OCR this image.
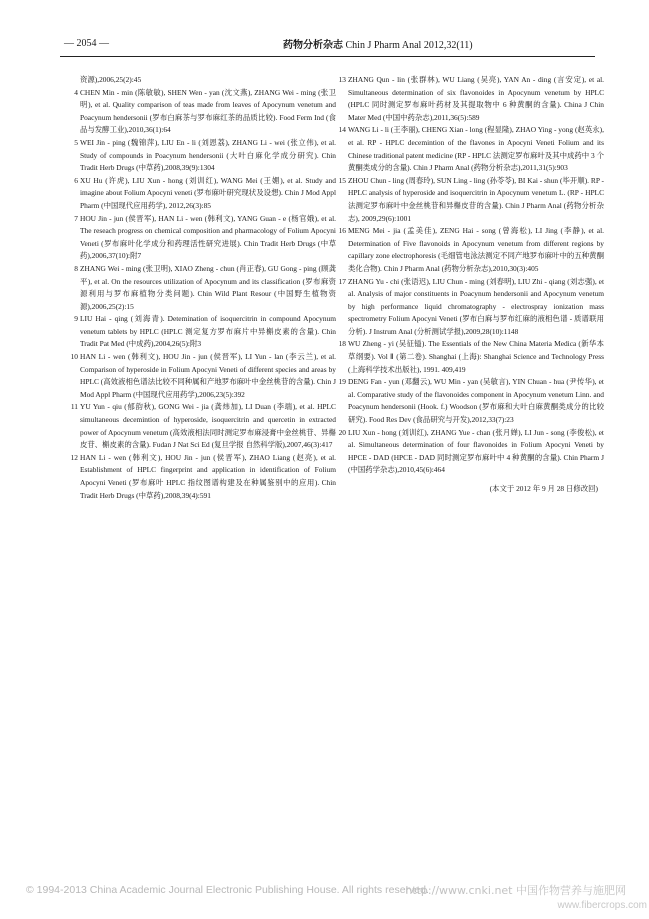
— 2054 —	药物分析杂志 Chin J Pharm Anal 2012,32(11)
资源),2006,25(2):45
4 CHEN Min - min (陈敏敏), SHEN Wen - yan (沈文燕), ZHANG Wei - ming (张卫明), et al. Quality comparison of teas made from leaves of Apocynum venetum and Poacynum hendersonii (罗布白麻茶与罗布麻红茶的品质比较). Food Ferm Ind (食品与发酵工业),2010,36(1):64
5 WEI Jin - ping (魏锦萍), LIU En - li (刘恩荔), ZHANG Li - wei (张立伟), et al. Study of compounds in Poacynum hendersonii (大叶白麻化学成分研究). Chin Tradit Herb Drugs (中草药),2008,39(9):1304
6 XU Hu (许虎), LIU Xun - hong (刘训红), WANG Mei (王媚), et al. Study and imagine about Folium Apocyni veneti (罗布麻叶研究现状及设想). Chin J Mod Appl Pharm (中国现代应用药学), 2012,26(3):85
7 HOU Jin - jun (侯晋军), HAN Li - wen (韩利文), YANG Guan - e (杨官娥), et al. The reseach progress on chemical composition and pharmacology of Folium Apocyni Veneti (罗布麻叶化学成分和药理活性研究进展). Chin Tradit Herb Drugs (中草药),2006,37(10):附7
8 ZHANG Wei - ming (张卫明), XIAO Zheng - chun (肖正春), GU Gong - ping (顾龚平), et al. On the resources utilization of Apocynum and its classification (罗布麻资源利用与罗布麻植物分类问题). Chin Wild Plant Resour (中国野生植物资源),2006,25(2):15
9 LIU Hai - qing (刘海青). Detemination of isoquercitrin in compound Apocynum venetum tablets by HPLC (HPLC 测定复方罗布麻片中异槲皮素的含量). Chin Tradit Pat Med (中成药),2004,26(5):附3
10 HAN Li - wen (韩利文), HOU Jin - jun (侯晋军), LI Yun - lan (李云兰), et al. Comparison of hyperoside in Folium Apocyni Veneti of different species and areas by HPLC (高效液相色谱法比较不同种属和产地罗布麻叶中金丝桃苷的含量). Chin J Mod Appl Pharm (中国现代应用药学),2006,23(5):392
11 YU Yun - qiu (郁韵秋), GONG Wei - jia (龚炜加), LI Duan (李端), et al. HPLC simultaneous decemintion of hyperoside, isoquercitrin and quercetin in extracted power of Apocynum venetum (高效液相法同时测定罗布麻浸膏中金丝桃苷、异槲皮苷、槲皮素的含量). Fudan J Nat Sci Ed (复旦学报 自然科学版),2007,46(3):417
12 HAN Li - wen (韩利文), HOU Jin - jun (侯晋军), ZHAO Liang (赵亮), et al. Establishment of HPLC fingerprint and application in identification of Folium Apocyni Veneti (罗布麻叶 HPLC 指纹图谱构建及在种属鉴别中的应用). Chin Tradit Herb Drugs (中草药),2008,39(4):591
13 ZHANG Qun - lin (张群林), WU Liang (吴亮), YAN An - ding (言安定), et al. Simultaneous determination of six flavonoides in Apocynum venetum by HPLC (HPLC 同时测定罗布麻叶药材及其提取物中 6 种黄酮的含量). China J Chin Mater Med (中国中药杂志),2011,36(5):589
14 WANG Li - li (王李丽), CHENG Xian - long (程显隆), ZHAO Ying - yong (赵英永), et al. RP - HPLC decemintion of the flavones in Apocyni Veneti Folium and its Chinese traditional patent medicine (RP - HPLC 法测定罗布麻叶及其中成药中 3 个黄酮类成分的含量). Chin J Pharm Anal (药物分析杂志),2011,31(5):903
15 ZHOU Chun - ling (周春玲), SUN Ling - ling (孙苓苓), BI Kai - shun (毕开顺). RP - HPLC analysis of hyperoside and isoquercitrin in Apocynum venetum L. (RP - HPLC 法测定罗布麻叶中金丝桃苷和异槲皮苷的含量). Chin J Pharm Anal (药物分析杂志), 2009,29(6):1001
16 MENG Mei - jia (孟美佳), ZENG Hai - song (曾海松), LI Jing (李静), et al. Determination of Five flavonoids in Apocynum venetum from different regions by capillary zone electrophoresis (毛细管电泳法测定不同产地罗布麻叶中的五种黄酮类化合物). Chin J Pharm Anal (药物分析杂志),2010,30(3):405
17 ZHANG Yu - chi (张语迟), LIU Chun - ming (刘春明), LIU Zhi - qiang (刘志强), et al. Analysis of major constituents in Poacynum hendersonii and Apocynum venetum by high performance liquid chromatography - electrospray ionization mass spectrometry Folium Apocyni Veneti (罗布白麻与罗布红麻的液相色谱 - 质谱联用分析). J Instrum Anal (分析测试学报),2009,28(10):1148
18 WU Zheng - yi (吴征镒). The Essentials of the New China Materia Medica (新华本草纲要). Vol Ⅱ (第二卷). Shanghai (上海): Shanghai Science and Technology Press (上海科学技术出版社), 1991. 409,419
19 DENG Fan - yun (邓翻云), WU Min - yan (吴敏言), YIN Chuan - hua (尹传华), et al. Comparative study of the flavonoides component in Apocynum venetum Linn. and Poacynum hendersonii (Hook. f.) Woodson (罗布麻和大叶白麻黄酮类成分的比较研究). Food Res Dev (食品研究与开发),2012,33(7):23
20 LIU Xun - hong (刘训红), ZHANG Yue - chan (张月婵), LI Jun - song (李俊松), et al. Simultaneous determination of four flavonoides in Folium Apocyni Veneti by HPCE - DAD (HPCE - DAD 同时测定罗布麻叶中 4 种黄酮的含量). Chin Pharm J (中国药学杂志),2010,45(6):464
(本文于 2012 年 9 月 28 日修改回)
© 1994-2013 China Academic Journal Electronic Publishing House. All rights reserved.
http://www.cnki.net 中国作物营养与施肥网
www.fibercrops.com
